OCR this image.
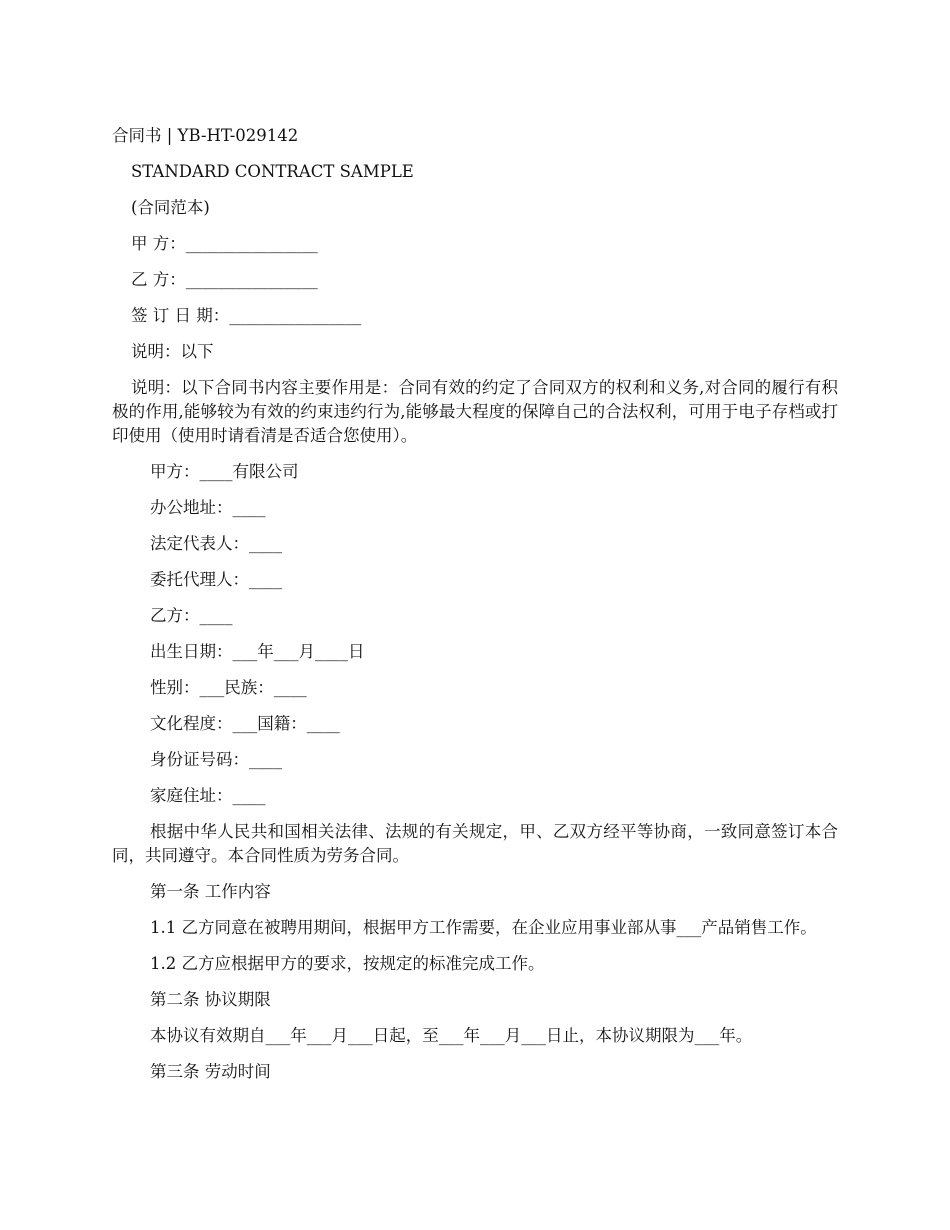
合同书 | YB-HT-029142

STANDARD CONTRACT SAMPLE

(合同范本)

甲 方：________________

乙 方：________________

签 订 日 期：________________

说明：以下

说明：以下合同书内容主要作用是：合同有效的约定了合同双方的权利和义务,对合同的履行有积极的作用,能够较为有效的约束违约行为,能够最大程度的保障自己的合法权利，可用于电子存档或打印使用（使用时请看清是否适合您使用）。

甲方：____有限公司

办公地址：____

法定代表人：____

委托代理人：____

乙方：____

出生日期：___年___月____日

性别：___民族：____

文化程度：___国籍：____

身份证号码：____

家庭住址：____

根据中华人民共和国相关法律、法规的有关规定，甲、乙双方经平等协商，一致同意签订本合同，共同遵守。本合同性质为劳务合同。

第一条 工作内容

1.1 乙方同意在被聘用期间，根据甲方工作需要，在企业应用事业部从事___产品销售工作。

1.2 乙方应根据甲方的要求，按规定的标准完成工作。

第二条 协议期限

本协议有效期自___年___月___日起，至___年___月___日止，本协议期限为___年。

第三条 劳动时间
